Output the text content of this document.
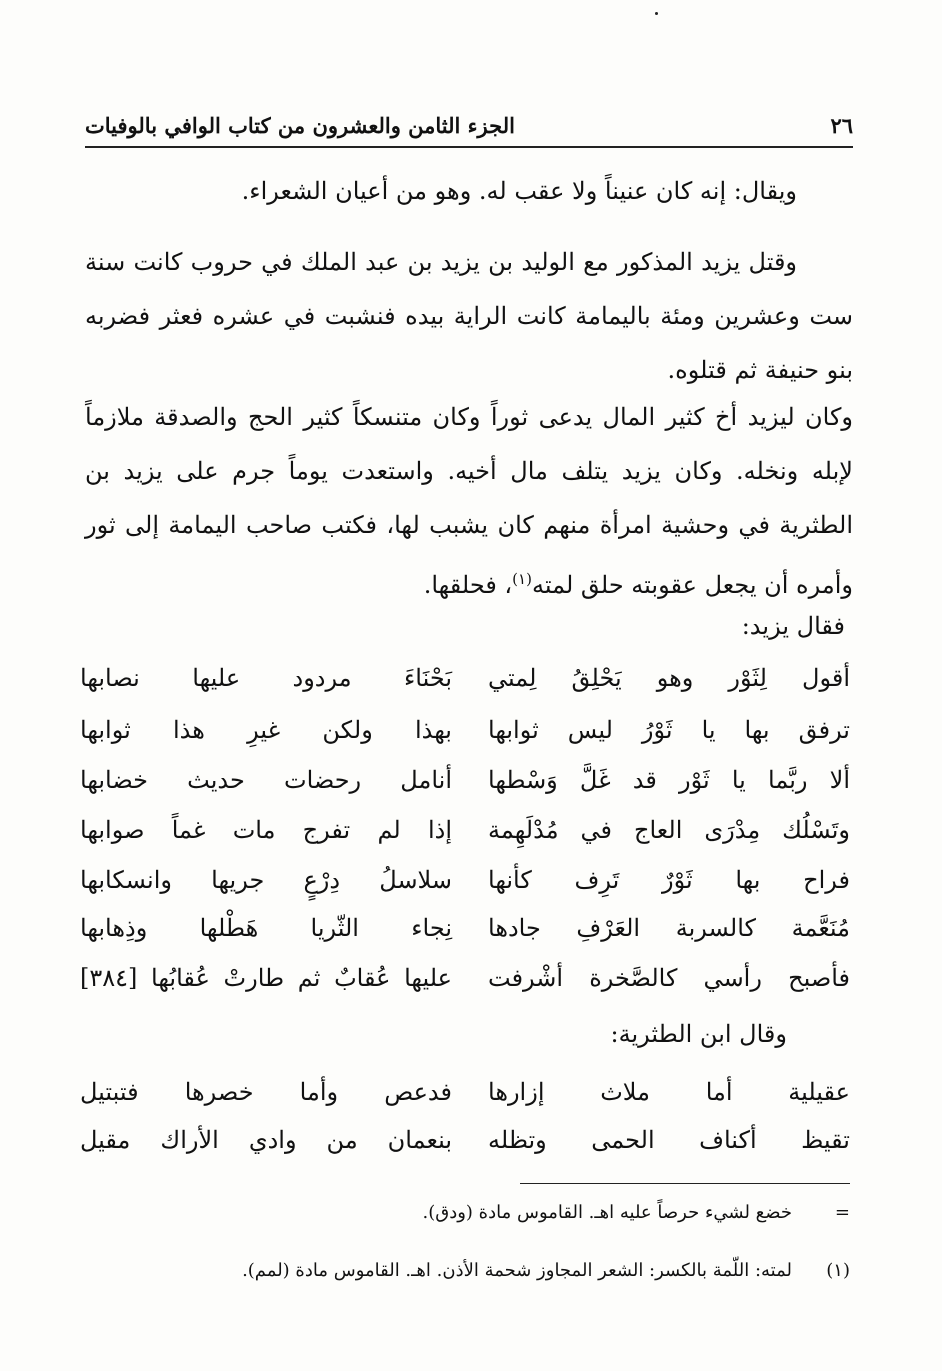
٢٦
الجزء الثامن والعشرون من كتاب الوافي بالوفيات

ويقال: إنه كان عنيناً ولا عقب له. وهو من أعيان الشعراء.

وقتل يزيد المذكور مع الوليد بن يزيد بن عبد الملك في حروب كانت سنة ست وعشرين ومئة باليمامة كانت الراية بيده فنشبت في عشره فعثر فضربه بنو حنيفة ثم قتلوه.

وكان ليزيد أخ كثير المال يدعى ثوراً وكان متنسكاً كثير الحج والصدقة ملازماً لإبله ونخله. وكان يزيد يتلف مال أخيه. واستعدت يوماً جرم على يزيد بن الطثرية في وحشية امرأة منهم كان يشبب لها، فكتب صاحب اليمامة إلى ثور وأمره أن يجعل عقوبته حلق لمته$^{(١)}$، فحلقها.

فقال يزيد:
أقول لِثَوْر وهو يَحْلِقُ لِمتي
بَحْنَاءَ مردود عليها نصابها
ترفق بها يا ثَوْرُ ليس ثوابها
بهذا ولكن غيرِ هذا ثوابها
ألا ربَّما يا ثَوْر قد غَلَّ وَسْطها
أنامل رحضات حديث خضابها
وتَسْلُك مِدْرَى العاج في مُدْلَهِمة
إذا لم تفرج مات غماً صوابها
فراح بها ثَوْرٌ تَرِف كأنها
سلاسلُ دِرْعٍ جريها وانسكابها
مُنَعَّمة كالسربة العَرْفِ جادها
نِجاء الثّريا هَطْلها وذِهابها
فأصبح رأسي كالصَّخرة أشْرفت
عليها عُقابٌ ثم طارتْ عُقابُها [٣٨٤]
وقال ابن الطثرية:
عقيلية أما ملاث إزارها
فدعص وأما خصرها فتبتيل
تقيظ أكناف الحمى وتظله
بنعمان من وادي الأراك مقيل
=خضع لشيء حرصاً عليه اهـ. القاموس مادة (ودق).
(١)لمته: اللّمة بالكسر: الشعر المجاوز شحمة الأذن. اهـ. القاموس مادة (لمم).
